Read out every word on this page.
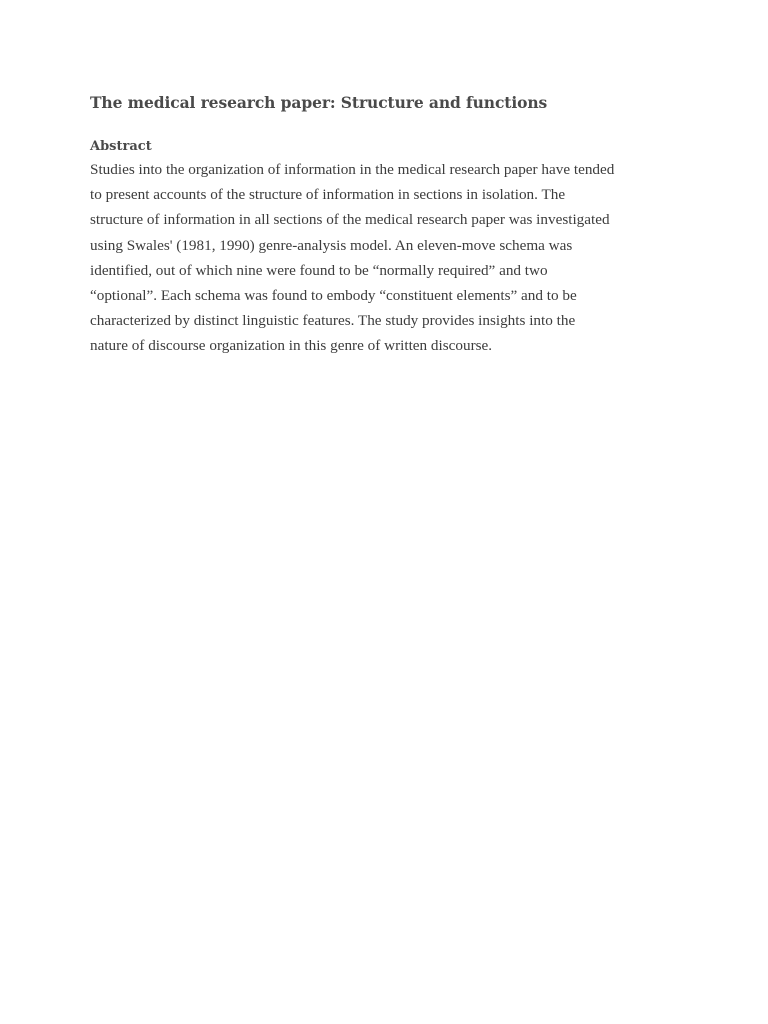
The medical research paper: Structure and functions
Abstract

Studies into the organization of information in the medical research paper have tended
to present accounts of the structure of information in sections in isolation. The
structure of information in all sections of the medical research paper was investigated
using Swales' (1981, 1990) genre-analysis model. An eleven-move schema was
identified, out of which nine were found to be “normally required” and two
“optional”. Each schema was found to embody “constituent elements” and to be
characterized by distinct linguistic features. The study provides insights into the
nature of discourse organization in this genre of written discourse.
